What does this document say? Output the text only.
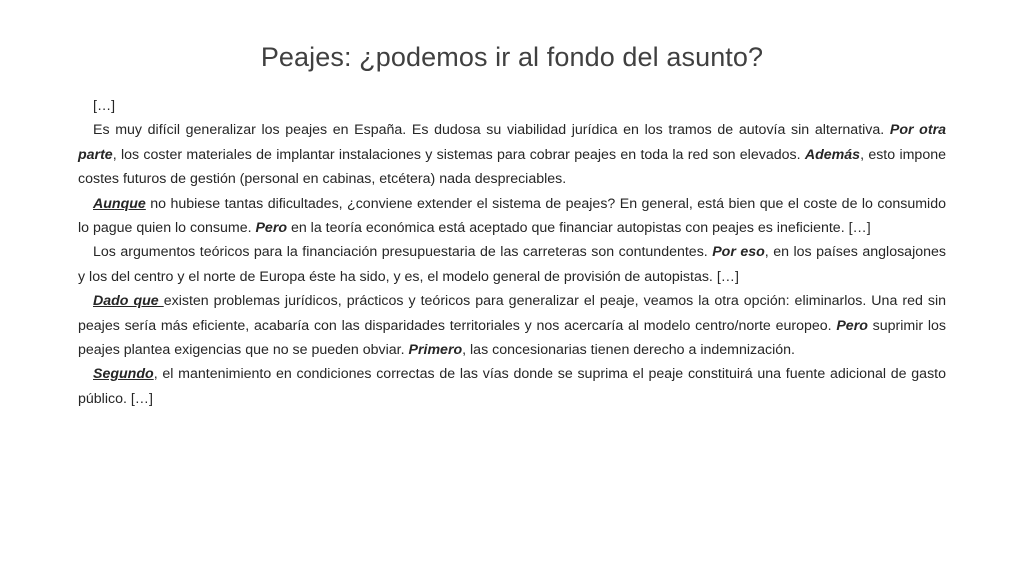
Peajes: ¿podemos ir al fondo del asunto?

[…]

Es muy difícil generalizar los peajes en España. Es dudosa su viabilidad jurídica en los tramos de autovía sin alternativa. Por otra parte, los coster materiales de implantar instalaciones y sistemas para cobrar peajes en toda la red son elevados. Además, esto impone costes futuros de gestión (personal en cabinas, etcétera) nada despreciables.

Aunque no hubiese tantas dificultades, ¿conviene extender el sistema de peajes? En general, está bien que el coste de lo consumido lo pague quien lo consume. Pero en la teoría económica está aceptado que financiar autopistas con peajes es ineficiente. […]

Los argumentos teóricos para la financiación presupuestaria de las carreteras son contundentes. Por eso, en los países anglosajones y los del centro y el norte de Europa éste ha sido, y es, el modelo general de provisión de autopistas. […]

Dado que existen problemas jurídicos, prácticos y teóricos para generalizar el peaje, veamos la otra opción: eliminarlos. Una red sin peajes sería más eficiente, acabaría con las disparidades territoriales y nos acercaría al modelo centro/norte europeo. Pero suprimir los peajes plantea exigencias que no se pueden obviar. Primero, las concesionarias tienen derecho a indemnización.

Segundo, el mantenimiento en condiciones correctas de las vías donde se suprima el peaje constituirá una fuente adicional de gasto público. […]
